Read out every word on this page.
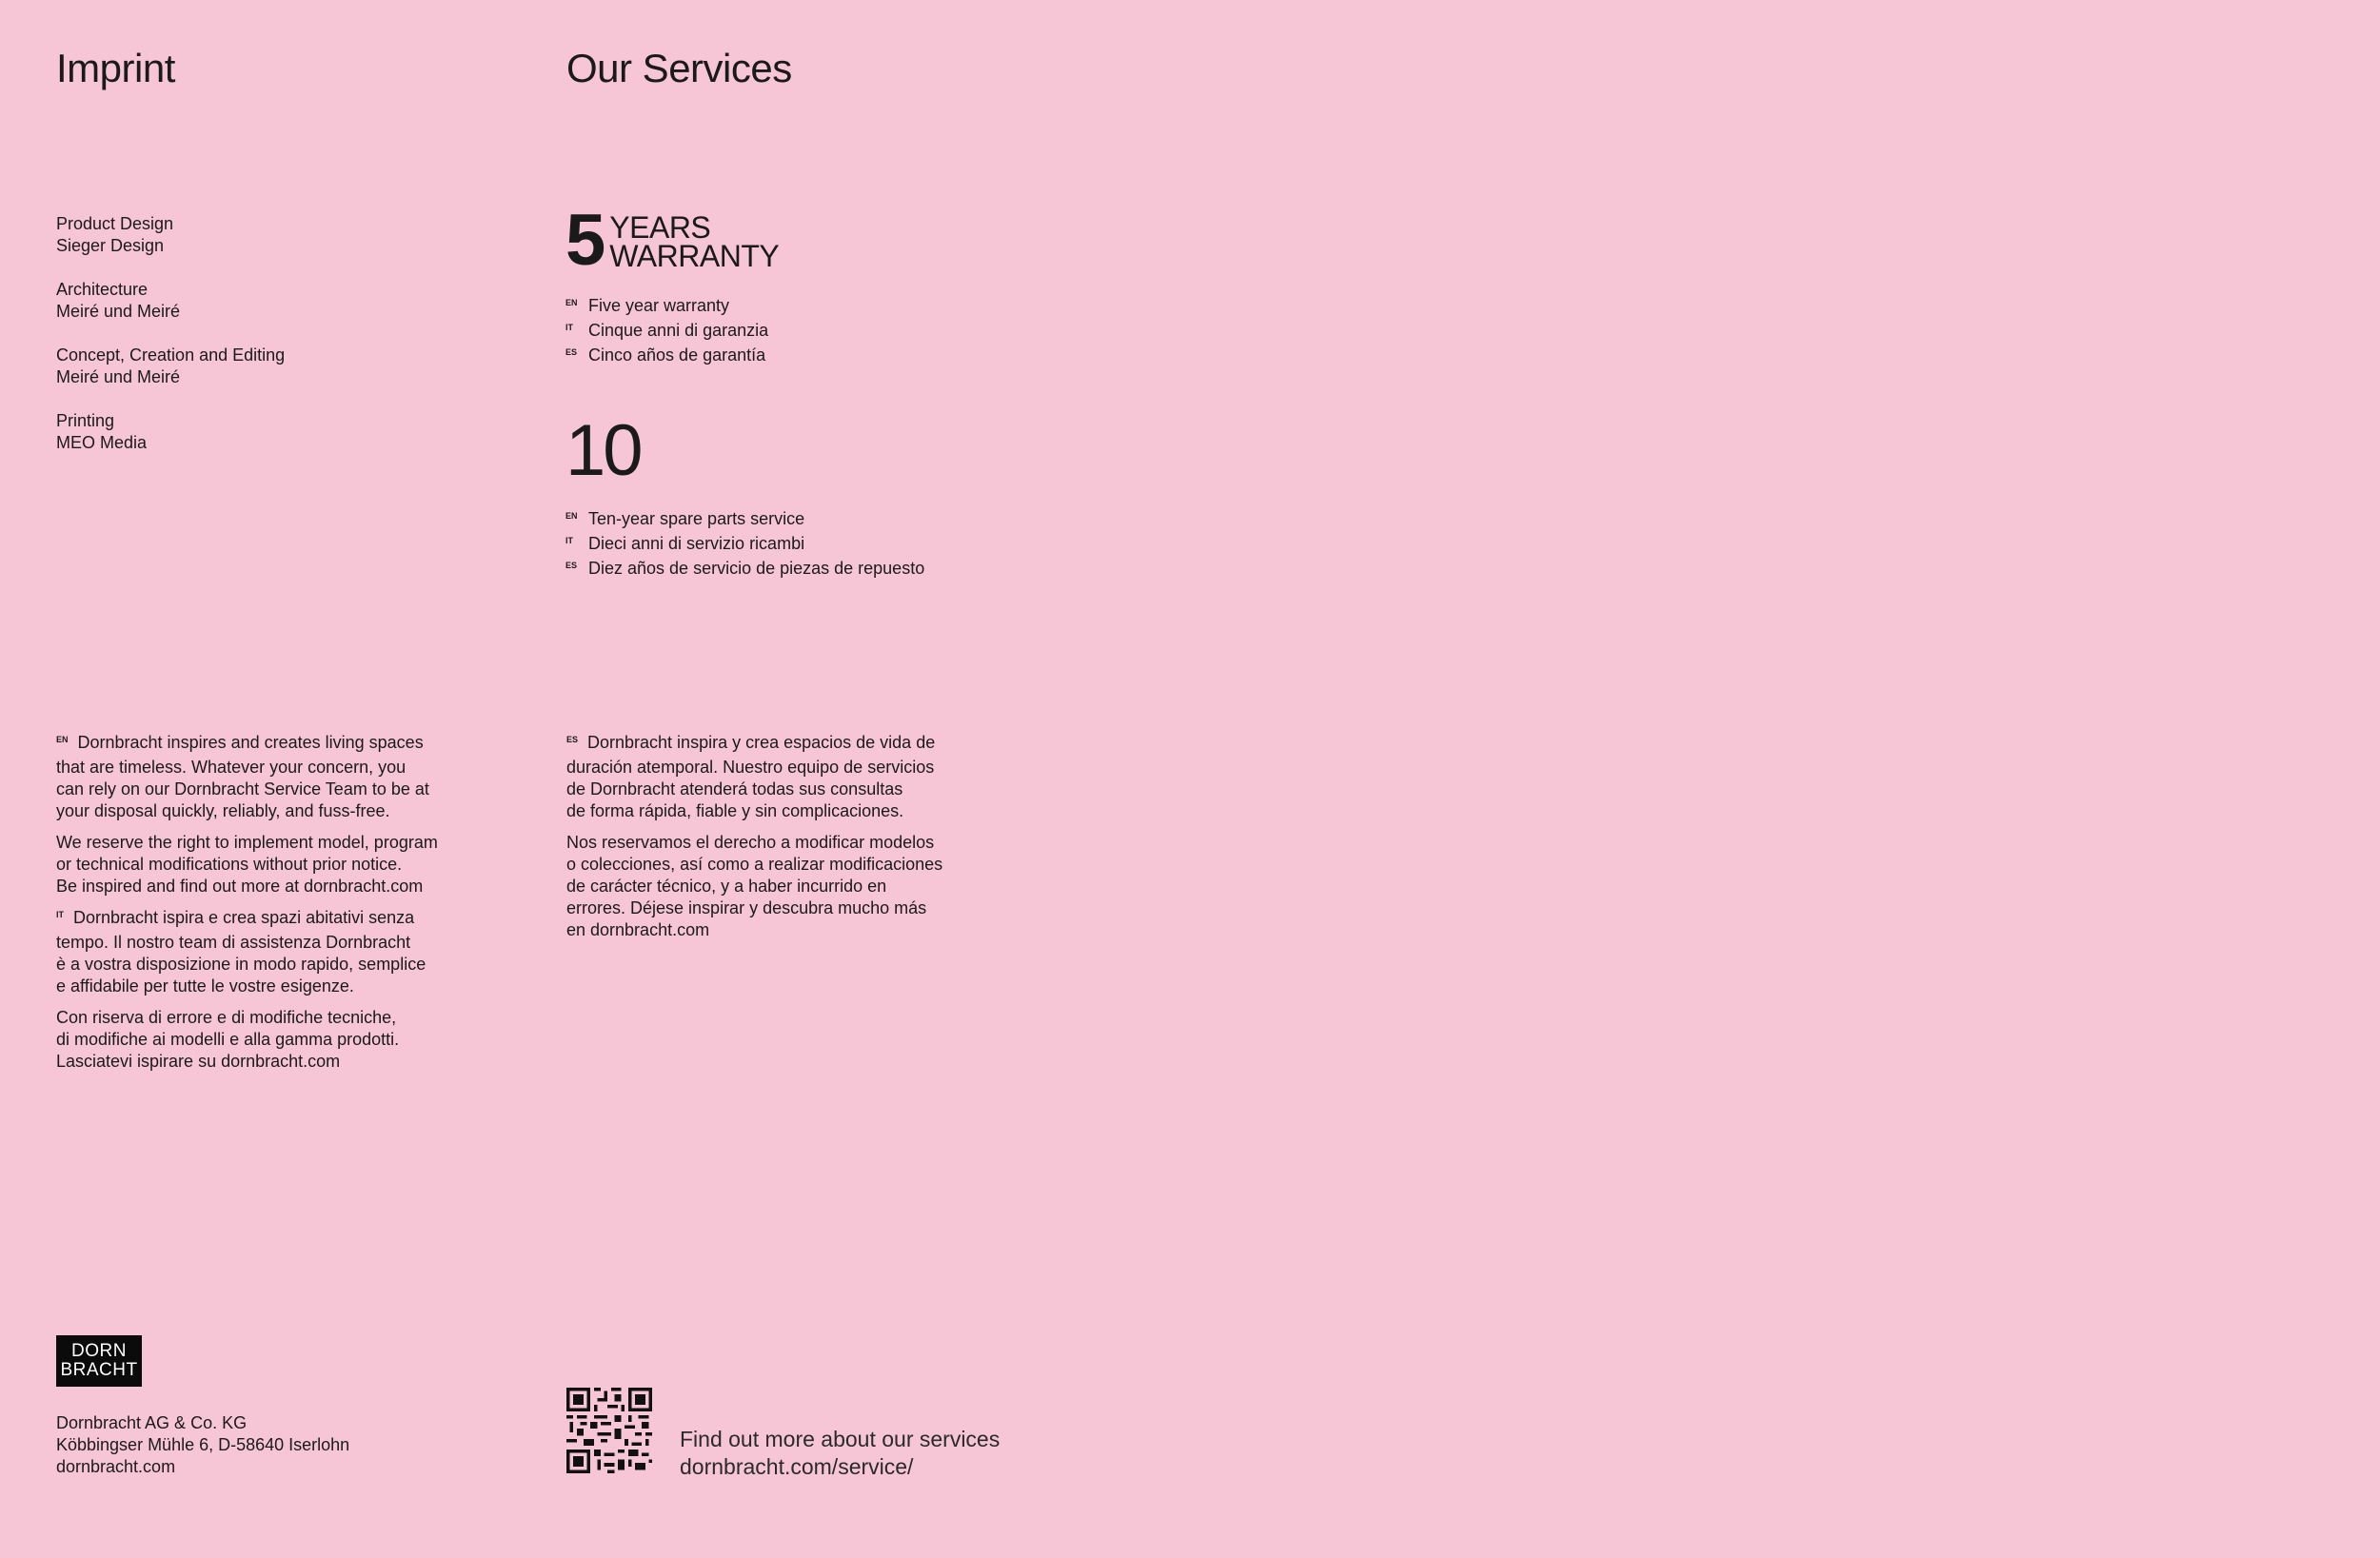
Imprint	Our Services
Product Design
Sieger Design
Architecture
Meiré und Meiré
Concept, Creation and Editing
Meiré und Meiré
Printing
MEO Media
5 YEARS
WARRANTY
EN Five year warranty
IT Cinque anni di garanzia
ES Cinco años de garantía
10
EN Ten-year spare parts service
IT Dieci anni di servizio ricambi
ES Diez años de servicio de piezas de repuesto

$^{EN}$ Dornbracht inspires and creates living spaces

that are timeless. Whatever your concern, you

can rely on our Dornbracht Service Team to be at

your disposal quickly, reliably, and fuss-free.

We reserve the right to implement model, program

or technical modifications without prior notice.

Be inspired and find out more at dornbracht.com

$^{IT}$ Dornbracht ispira e crea spazi abitativi senza

tempo. Il nostro team di assistenza Dornbracht

è a vostra disposizione in modo rapido, semplice

e affidabile per tutte le vostre esigenze.

Con riserva di errore e di modifiche tecniche,

di modifiche ai modelli e alla gamma prodotti.

Lasciatevi ispirare su dornbracht.com

$^{ES}$ Dornbracht inspira y crea espacios de vida de

duración atemporal. Nuestro equipo de servicios

de Dornbracht atenderá todas sus consultas

de forma rápida, fiable y sin complicaciones.

Nos reservamos el derecho a modificar modelos

o colecciones, así como a realizar modificaciones

de carácter técnico, y a haber incurrido en

errores. Déjese inspirar y descubra mucho más

en dornbracht.com

DORN
BRACHT
Dornbracht AG & Co. KG
Köbbingser Mühle 6, D-58640 Iserlohn
dornbracht.com
Find out more about our services
dornbracht.com/service/
